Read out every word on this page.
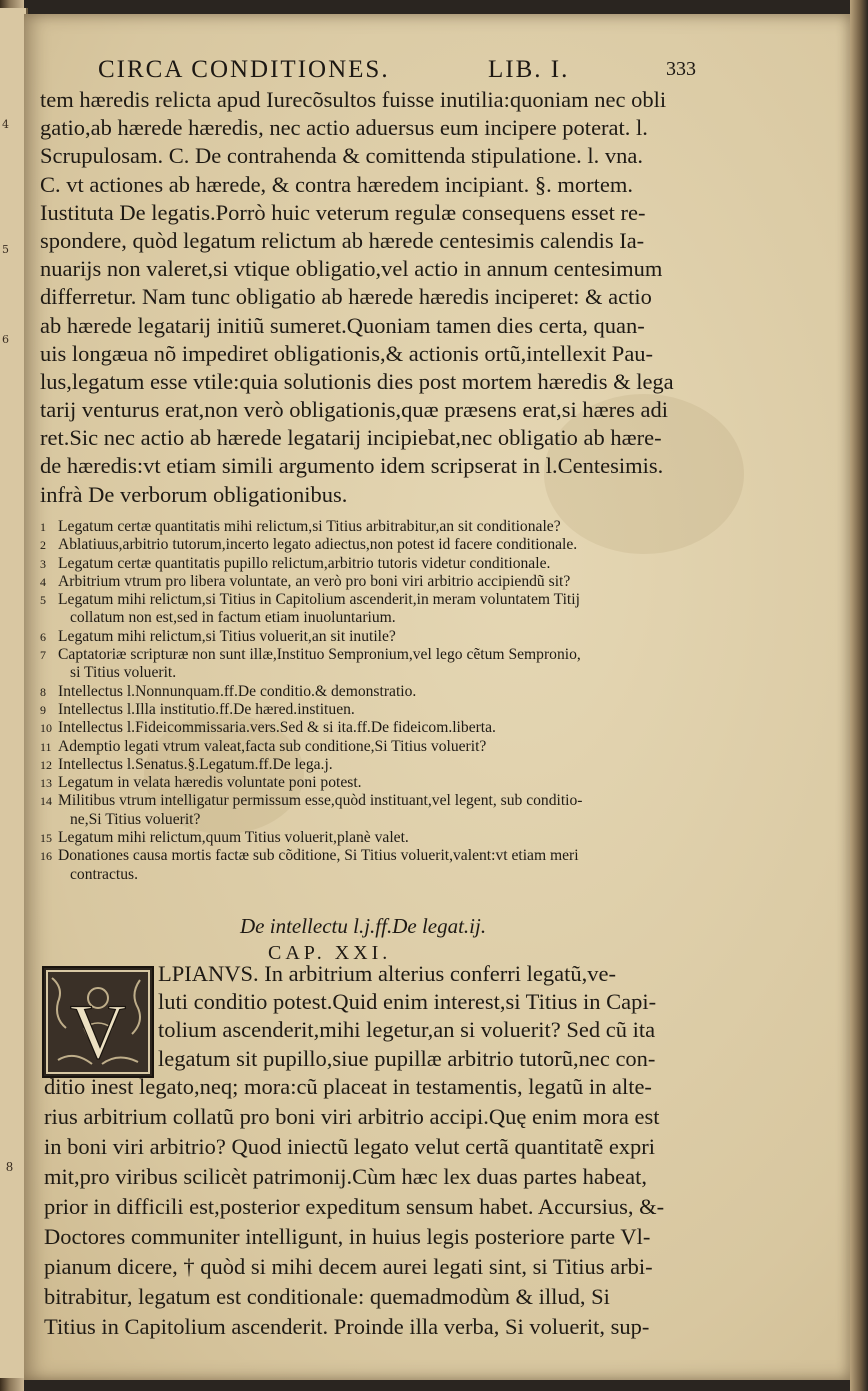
4
5
6
CIRCA CONDITIONES.	LIB. I.	333
tem hæredis relicta apud Iurecõsultos fuisse inutilia:quoniam nec obli
gatio,ab hærede hæredis, nec actio aduersus eum incipere poterat. l.
Scrupulosam. C. De contrahenda & comittenda stipulatione. l. vna.
C. vt actiones ab hærede, & contra hæredem incipiant. §. mortem.
Iustituta De legatis.Porrò huic veterum regulæ consequens esset re-
spondere, quòd legatum relictum ab hærede centesimis calendis Ia-
nuarijs non valeret,si vtique obligatio,vel actio in annum centesimum
differretur. Nam tunc obligatio ab hærede hæredis inciperet: & actio
ab hærede legatarij initiũ sumeret.Quoniam tamen dies certa, quan-
uis longæua nõ impediret obligationis,& actionis ortũ,intellexit Pau-
lus,legatum esse vtile:quia solutionis dies post mortem hæredis & lega
tarij venturus erat,non verò obligationis,quæ præsens erat,si hæres adi
ret.Sic nec actio ab hærede legatarij incipiebat,nec obligatio ab hære-
de hæredis:vt etiam simili argumento idem scripserat in l.Centesimis.
infrà De verborum obligationibus.
1 Legatum certæ quantitatis mihi relictum,si Titius arbitrabitur,an sit conditionale?
2 Ablatiuus,arbitrio tutorum,incerto legato adiectus,non potest id facere conditionale.
3 Legatum certæ quantitatis pupillo relictum,arbitrio tutoris videtur conditionale.
4 Arbitrium vtrum pro libera voluntate, an verò pro boni viri arbitrio accipiendũ sit?
5 Legatum mihi relictum,si Titius in Capitolium ascenderit,in meram voluntatem Titij
collatum non est,sed in factum etiam inuoluntarium.
6 Legatum mihi relictum,si Titius voluerit,an sit inutile?
7 Captatoriæ scripturæ non sunt illæ,Instituo Sempronium,vel lego cẽtum Sempronio,
si Titius voluerit.
8 Intellectus l.Nonnunquam.ff.De conditio.& demonstratio.
9 Intellectus l.Illa institutio.ff.De hæred.instituen.
10 Intellectus l.Fideicommissaria.vers.Sed & si ita.ff.De fideicom.liberta.
11 Ademptio legati vtrum valeat,facta sub conditione,Si Titius voluerit?
12 Intellectus l.Senatus.§.Legatum.ff.De lega.j.
13 Legatum in velata hæredis voluntate poni potest.
14 Militibus vtrum intelligatur permissum esse,quòd instituant,vel legent, sub conditio-
ne,Si Titius voluerit?
15 Legatum mihi relictum,quum Titius voluerit,planè valet.
16 Donationes causa mortis factæ sub cõditione, Si Titius voluerit,valent:vt etiam meri
contractus.
De intellectu l.j.ff.De legat.ij.
CAP. XXI.
V
LPIANVS. In arbitrium alterius conferri legatũ,ve-
luti conditio potest.Quid enim interest,si Titius in Capi-
tolium ascenderit,mihi legetur,an si voluerit? Sed cũ ita
legatum sit pupillo,siue pupillæ arbitrio tutorũ,nec con-
ditio inest legato,neq; mora:cũ placeat in testamentis, legatũ in alte-
rius arbitrium collatũ pro boni viri arbitrio accipi.Quę enim mora est
in boni viri arbitrio? Quod iniectũ legato velut certã quantitatẽ expri
mit,pro viribus scilicèt patrimonij.Cùm hæc lex duas partes habeat,
prior in difficili est,posterior expeditum sensum habet. Accursius, &-
Doctores communiter intelligunt, in huius legis posteriore parte Vl-
pianum dicere, † quòd si mihi decem aurei legati sint, si Titius arbi-
bitrabitur, legatum est conditionale: quemadmodùm & illud, Si
Titius in Capitolium ascenderit. Proinde illa verba, Si voluerit, sup-
8
